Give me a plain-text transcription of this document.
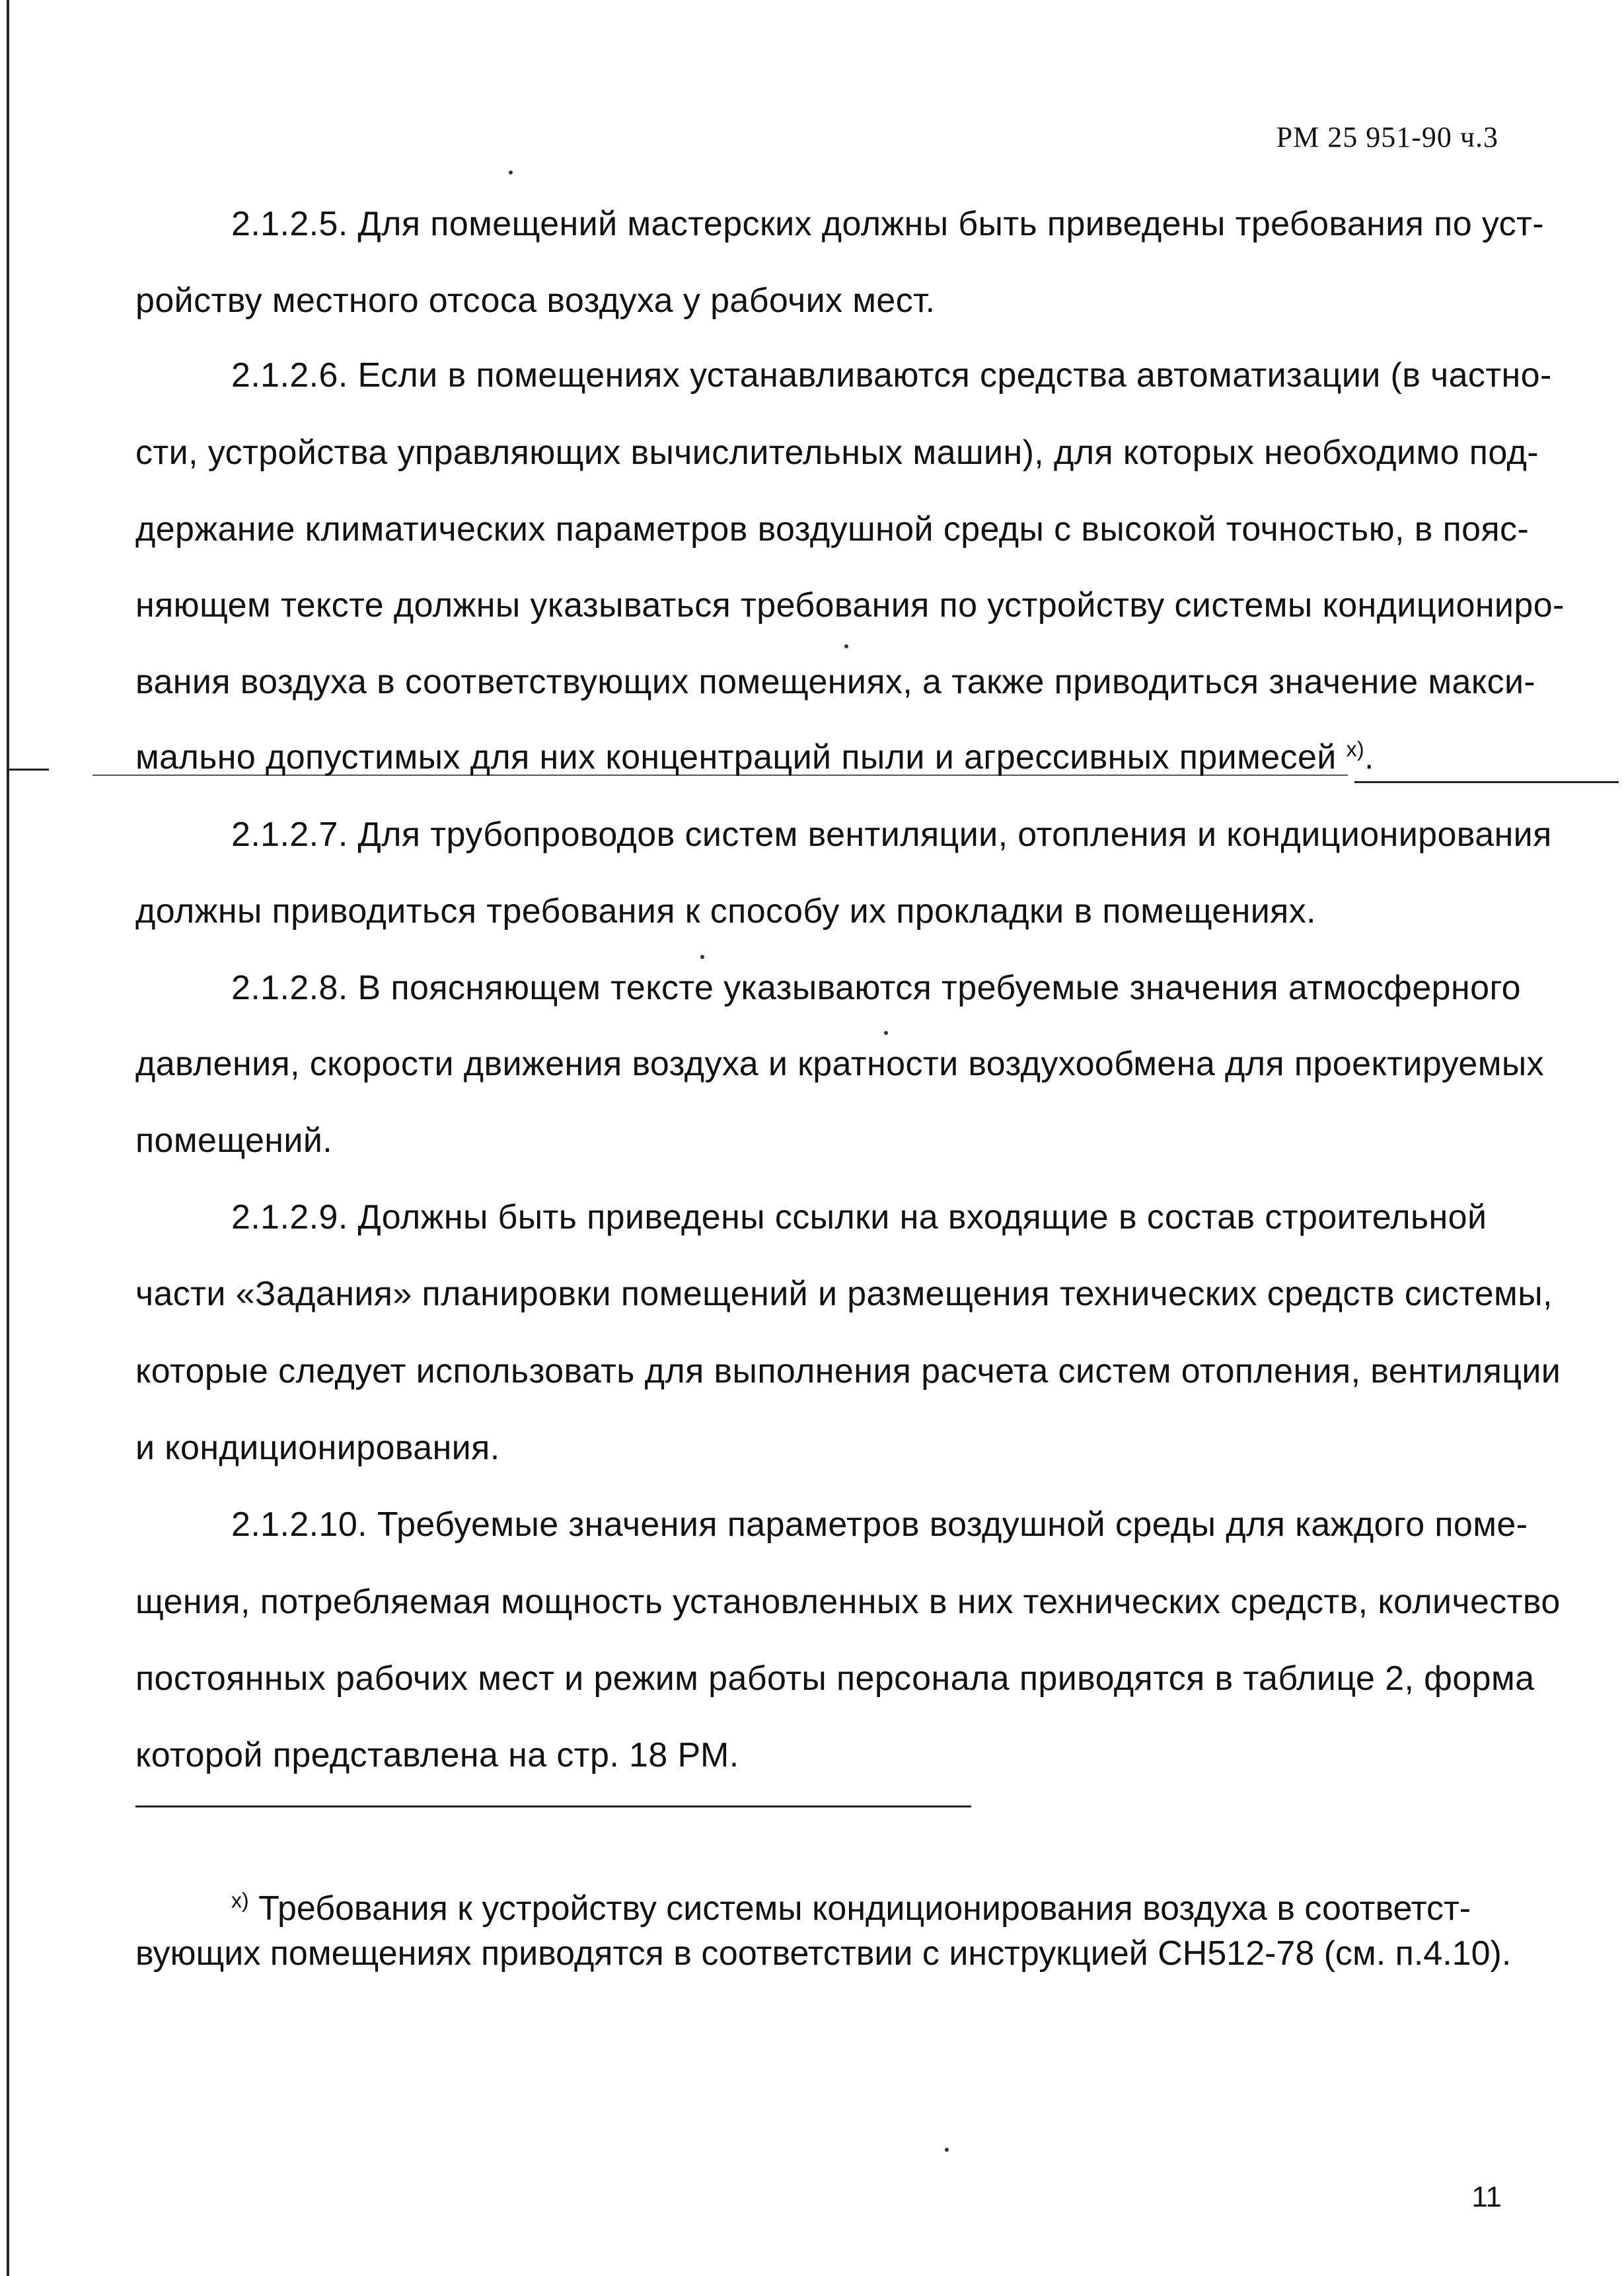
РМ 25 951-90 ч.3
2.1.2.5. Для помещений мастерских должны быть приведены требования по уст-
ройству местного отсоса воздуха у рабочих мест.
2.1.2.6. Если в помещениях устанавливаются средства автоматизации (в частно-
сти, устройства управляющих вычислительных машин), для которых необходимо под-
держание климатических параметров воздушной среды с высокой точностью, в пояс-
няющем тексте должны указываться требования по устройству системы кондициониро-
вания воздуха в соответствующих помещениях, а также приводиться значение макси-
мально допустимых для них концентраций пыли и агрессивных примесей $^{х)}$.
2.1.2.7. Для трубопроводов систем вентиляции, отопления и кондиционирования
должны приводиться требования к способу их прокладки в помещениях.
2.1.2.8. В поясняющем тексте указываются требуемые значения атмосферного
давления, скорости движения воздуха и кратности воздухообмена для проектируемых
помещений.
2.1.2.9. Должны быть приведены ссылки на входящие в состав строительной
части «Задания» планировки помещений и размещения технических средств системы,
которые следует использовать для выполнения расчета систем отопления, вентиляции
и кондиционирования.
2.1.2.10. Требуемые значения параметров воздушной среды для каждого поме-
щения, потребляемая мощность установленных в них технических средств, количество
постоянных рабочих мест и режим работы персонала приводятся в таблице 2, форма
которой представлена на стр. 18 РМ.
$^{х)}$ Требования к устройству системы кондиционирования воздуха в соответст-
вующих помещениях приводятся в соответствии с инструкцией СН512-78 (см. п.4.10).
11
